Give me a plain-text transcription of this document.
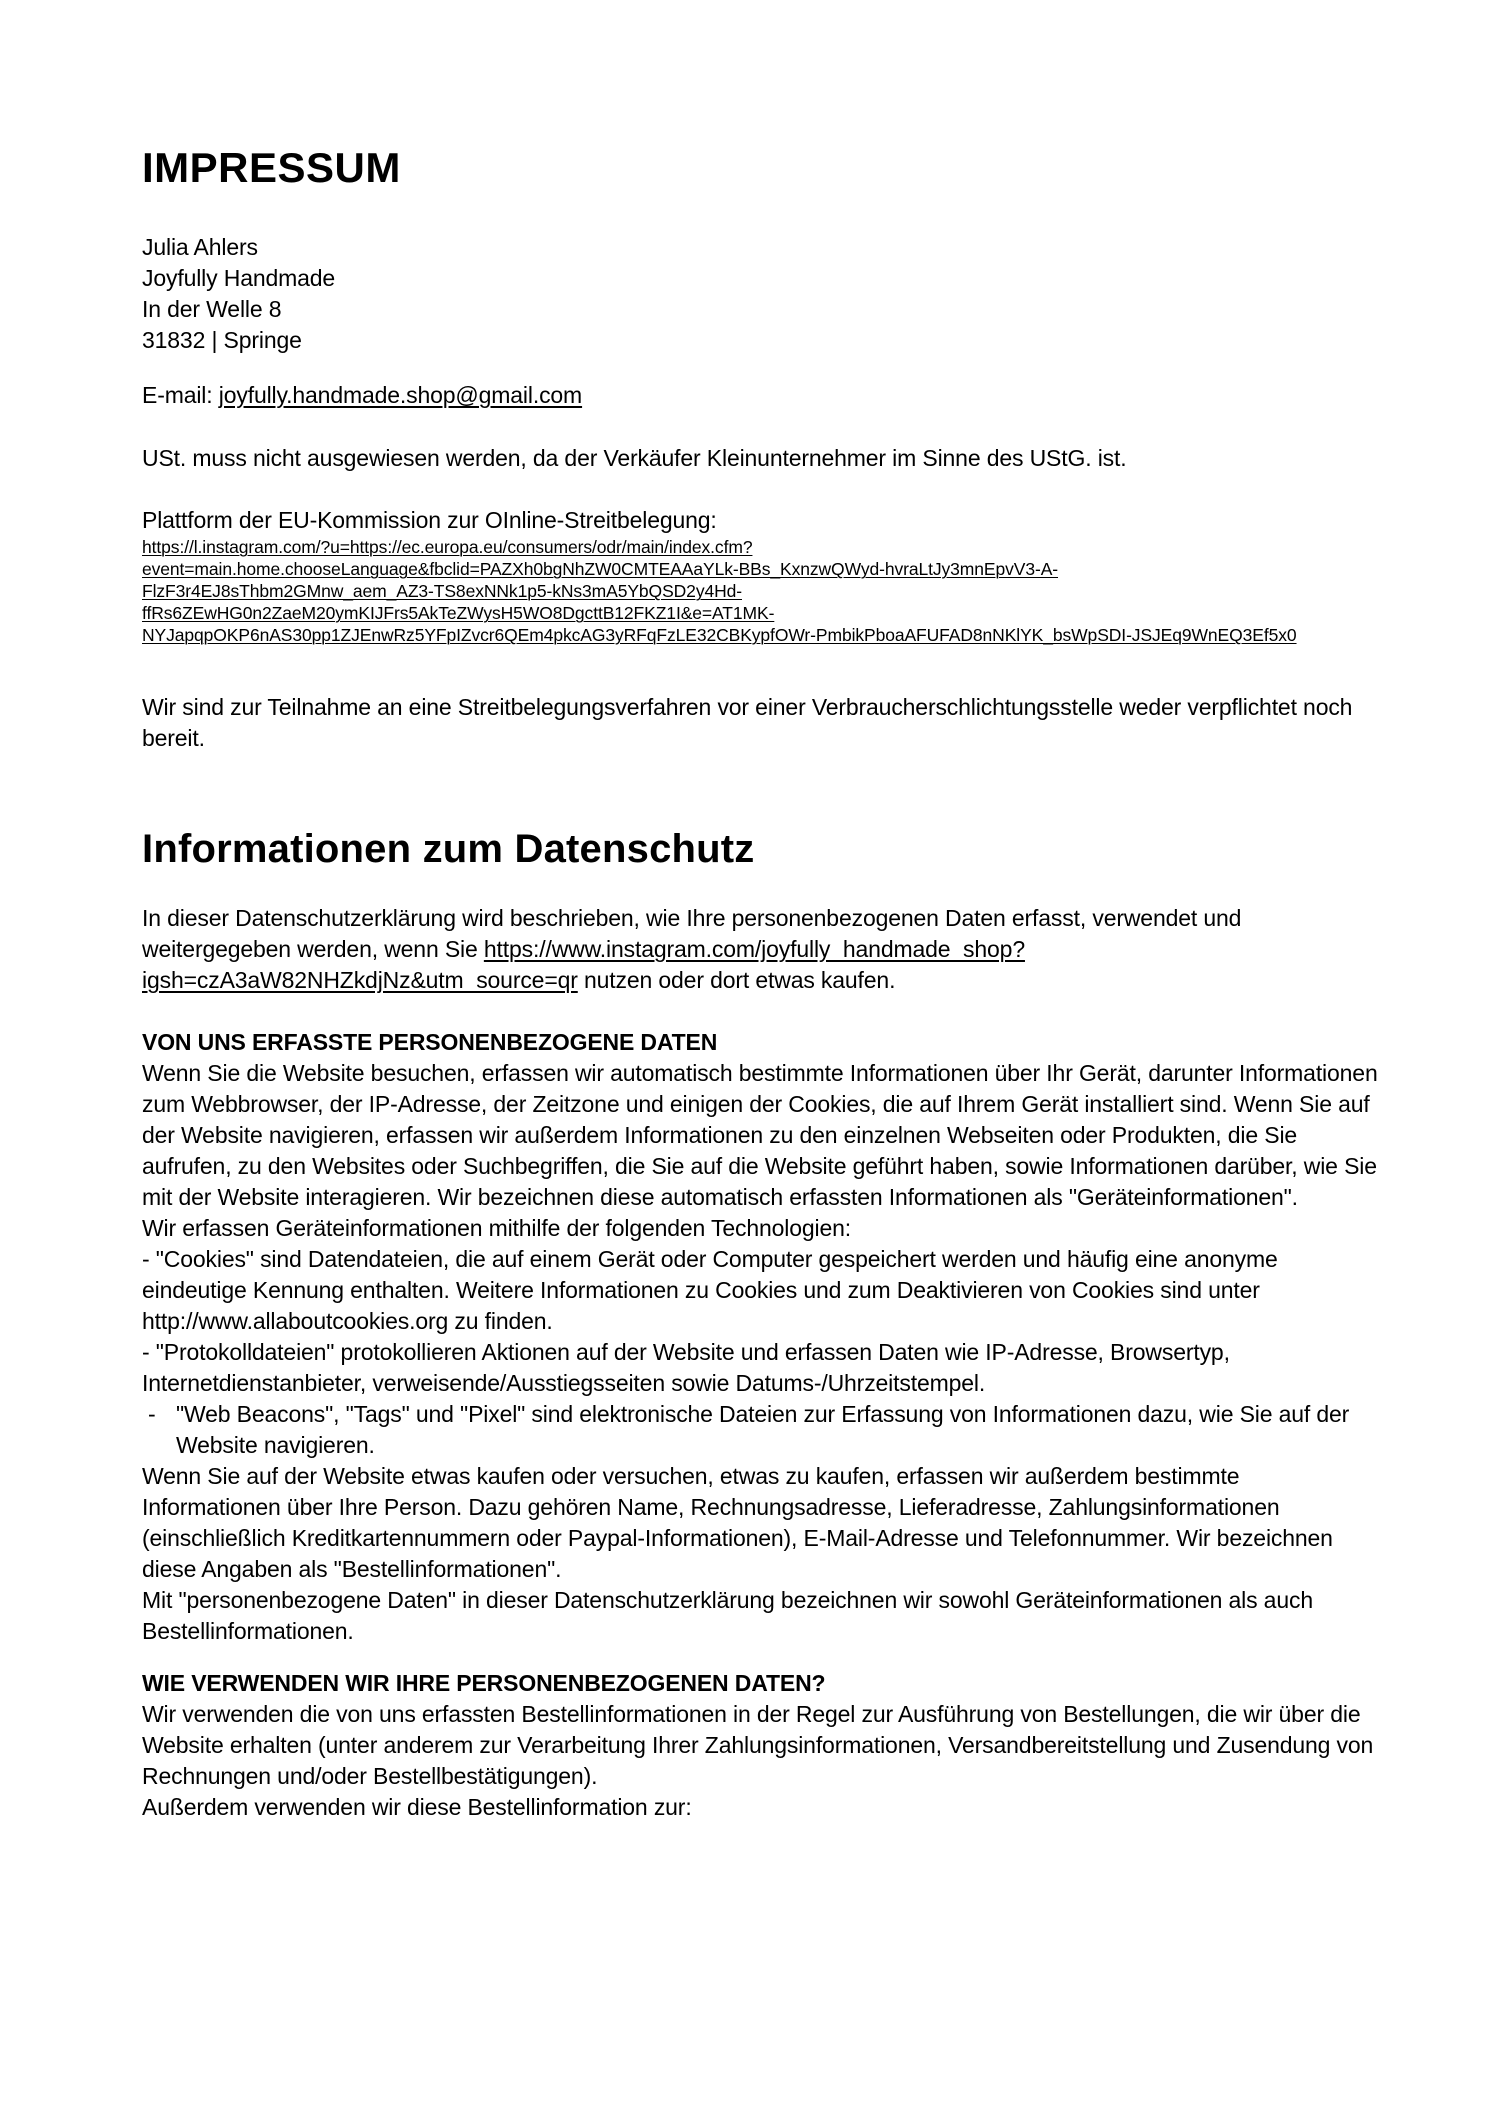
IMPRESSUM
Julia Ahlers
Joyfully Handmade
In der Welle 8
31832 | Springe

E-mail: joyfully.handmade.shop@gmail.com

USt. muss nicht ausgewiesen werden, da der Verkäufer Kleinunternehmer im Sinne des UStG. ist.

Plattform der EU-Kommission zur OInline-Streitbelegung:

https://l.instagram.com/?u=https://ec.europa.eu/consumers/odr/main/index.cfm?
event=main.home.chooseLanguage&fbclid=PAZXh0bgNhZW0CMTEAAaYLk-BBs_KxnzwQWyd-hvraLtJy3mnEpvV3-A-
FlzF3r4EJ8sThbm2GMnw_aem_AZ3-TS8exNNk1p5-kNs3mA5YbQSD2y4Hd-
ffRs6ZEwHG0n2ZaeM20ymKIJFrs5AkTeZWysH5WO8DgcttB12FKZ1I&e=AT1MK-
NYJapqpOKP6nAS30pp1ZJEnwRz5YFpIZvcr6QEm4pkcAG3yRFqFzLE32CBKypfOWr-PmbikPboaAFUFAD8nNKlYK_bsWpSDI-JSJEq9WnEQ3Ef5x0

Wir sind zur Teilnahme an eine Streitbelegungsverfahren vor einer Verbraucherschlichtungsstelle weder verpflichtet noch bereit.

Informationen zum Datenschutz

In dieser Datenschutzerklärung wird beschrieben, wie Ihre personenbezogenen Daten erfasst, verwendet und weitergegeben werden, wenn Sie https://www.instagram.com/joyfully_handmade_shop?igsh=czA3aW82NHZkdjNz&utm_source=qr nutzen oder dort etwas kaufen.

VON UNS ERFASSTE PERSONENBEZOGENE DATEN

Wenn Sie die Website besuchen, erfassen wir automatisch bestimmte Informationen über Ihr Gerät, darunter Informationen zum Webbrowser, der IP-Adresse, der Zeitzone und einigen der Cookies, die auf Ihrem Gerät installiert sind. Wenn Sie auf der Website navigieren, erfassen wir außerdem Informationen zu den einzelnen Webseiten oder Produkten, die Sie aufrufen, zu den Websites oder Suchbegriffen, die Sie auf die Website geführt haben, sowie Informationen darüber, wie Sie mit der Website interagieren. Wir bezeichnen diese automatisch erfassten Informationen als "Geräteinformationen".

Wir erfassen Geräteinformationen mithilfe der folgenden Technologien:

- "Cookies" sind Datendateien, die auf einem Gerät oder Computer gespeichert werden und häufig eine anonyme eindeutige Kennung enthalten. Weitere Informationen zu Cookies und zum Deaktivieren von Cookies sind unter http://www.allaboutcookies.org zu finden.

- "Protokolldateien" protokollieren Aktionen auf der Website und erfassen Daten wie IP-Adresse, Browsertyp, Internetdienstanbieter, verweisende/Ausstiegsseiten sowie Datums-/Uhrzeitstempel.

- "Web Beacons", "Tags" und "Pixel" sind elektronische Dateien zur Erfassung von Informationen dazu, wie Sie auf der Website navigieren.

Wenn Sie auf der Website etwas kaufen oder versuchen, etwas zu kaufen, erfassen wir außerdem bestimmte Informationen über Ihre Person. Dazu gehören Name, Rechnungsadresse, Lieferadresse, Zahlungsinformationen (einschließlich Kreditkartennummern oder Paypal-Informationen), E-Mail-Adresse und Telefonnummer. Wir bezeichnen diese Angaben als "Bestellinformationen".

Mit "personenbezogene Daten" in dieser Datenschutzerklärung bezeichnen wir sowohl Geräteinformationen als auch Bestellinformationen.

WIE VERWENDEN WIR IHRE PERSONENBEZOGENEN DATEN?

Wir verwenden die von uns erfassten Bestellinformationen in der Regel zur Ausführung von Bestellungen, die wir über die Website erhalten (unter anderem zur Verarbeitung Ihrer Zahlungsinformationen, Versandbereitstellung und Zusendung von Rechnungen und/oder Bestellbestätigungen).

Außerdem verwenden wir diese Bestellinformation zur:
